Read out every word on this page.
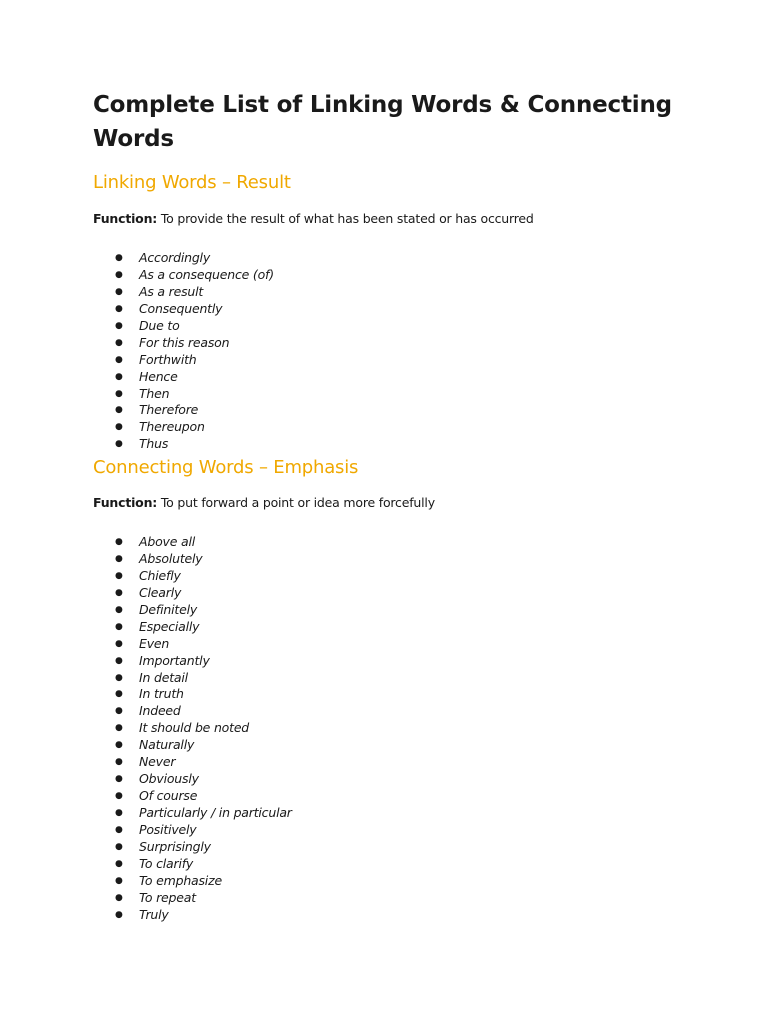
Complete List of Linking Words & Connecting Words
Linking Words – Result

Function: To provide the result of what has been stated or has occurred

● Accordingly
● As a consequence (of)
● As a result
● Consequently
● Due to
● For this reason
● Forthwith
● Hence
● Then
● Therefore
● Thereupon
● Thus
Connecting Words – Emphasis

Function: To put forward a point or idea more forcefully

● Above all
● Absolutely
● Chiefly
● Clearly
● Definitely
● Especially
● Even
● Importantly
● In detail
● In truth
● Indeed
● It should be noted
● Naturally
● Never
● Obviously
● Of course
● Particularly / in particular
● Positively
● Surprisingly
● To clarify
● To emphasize
● To repeat
● Truly
